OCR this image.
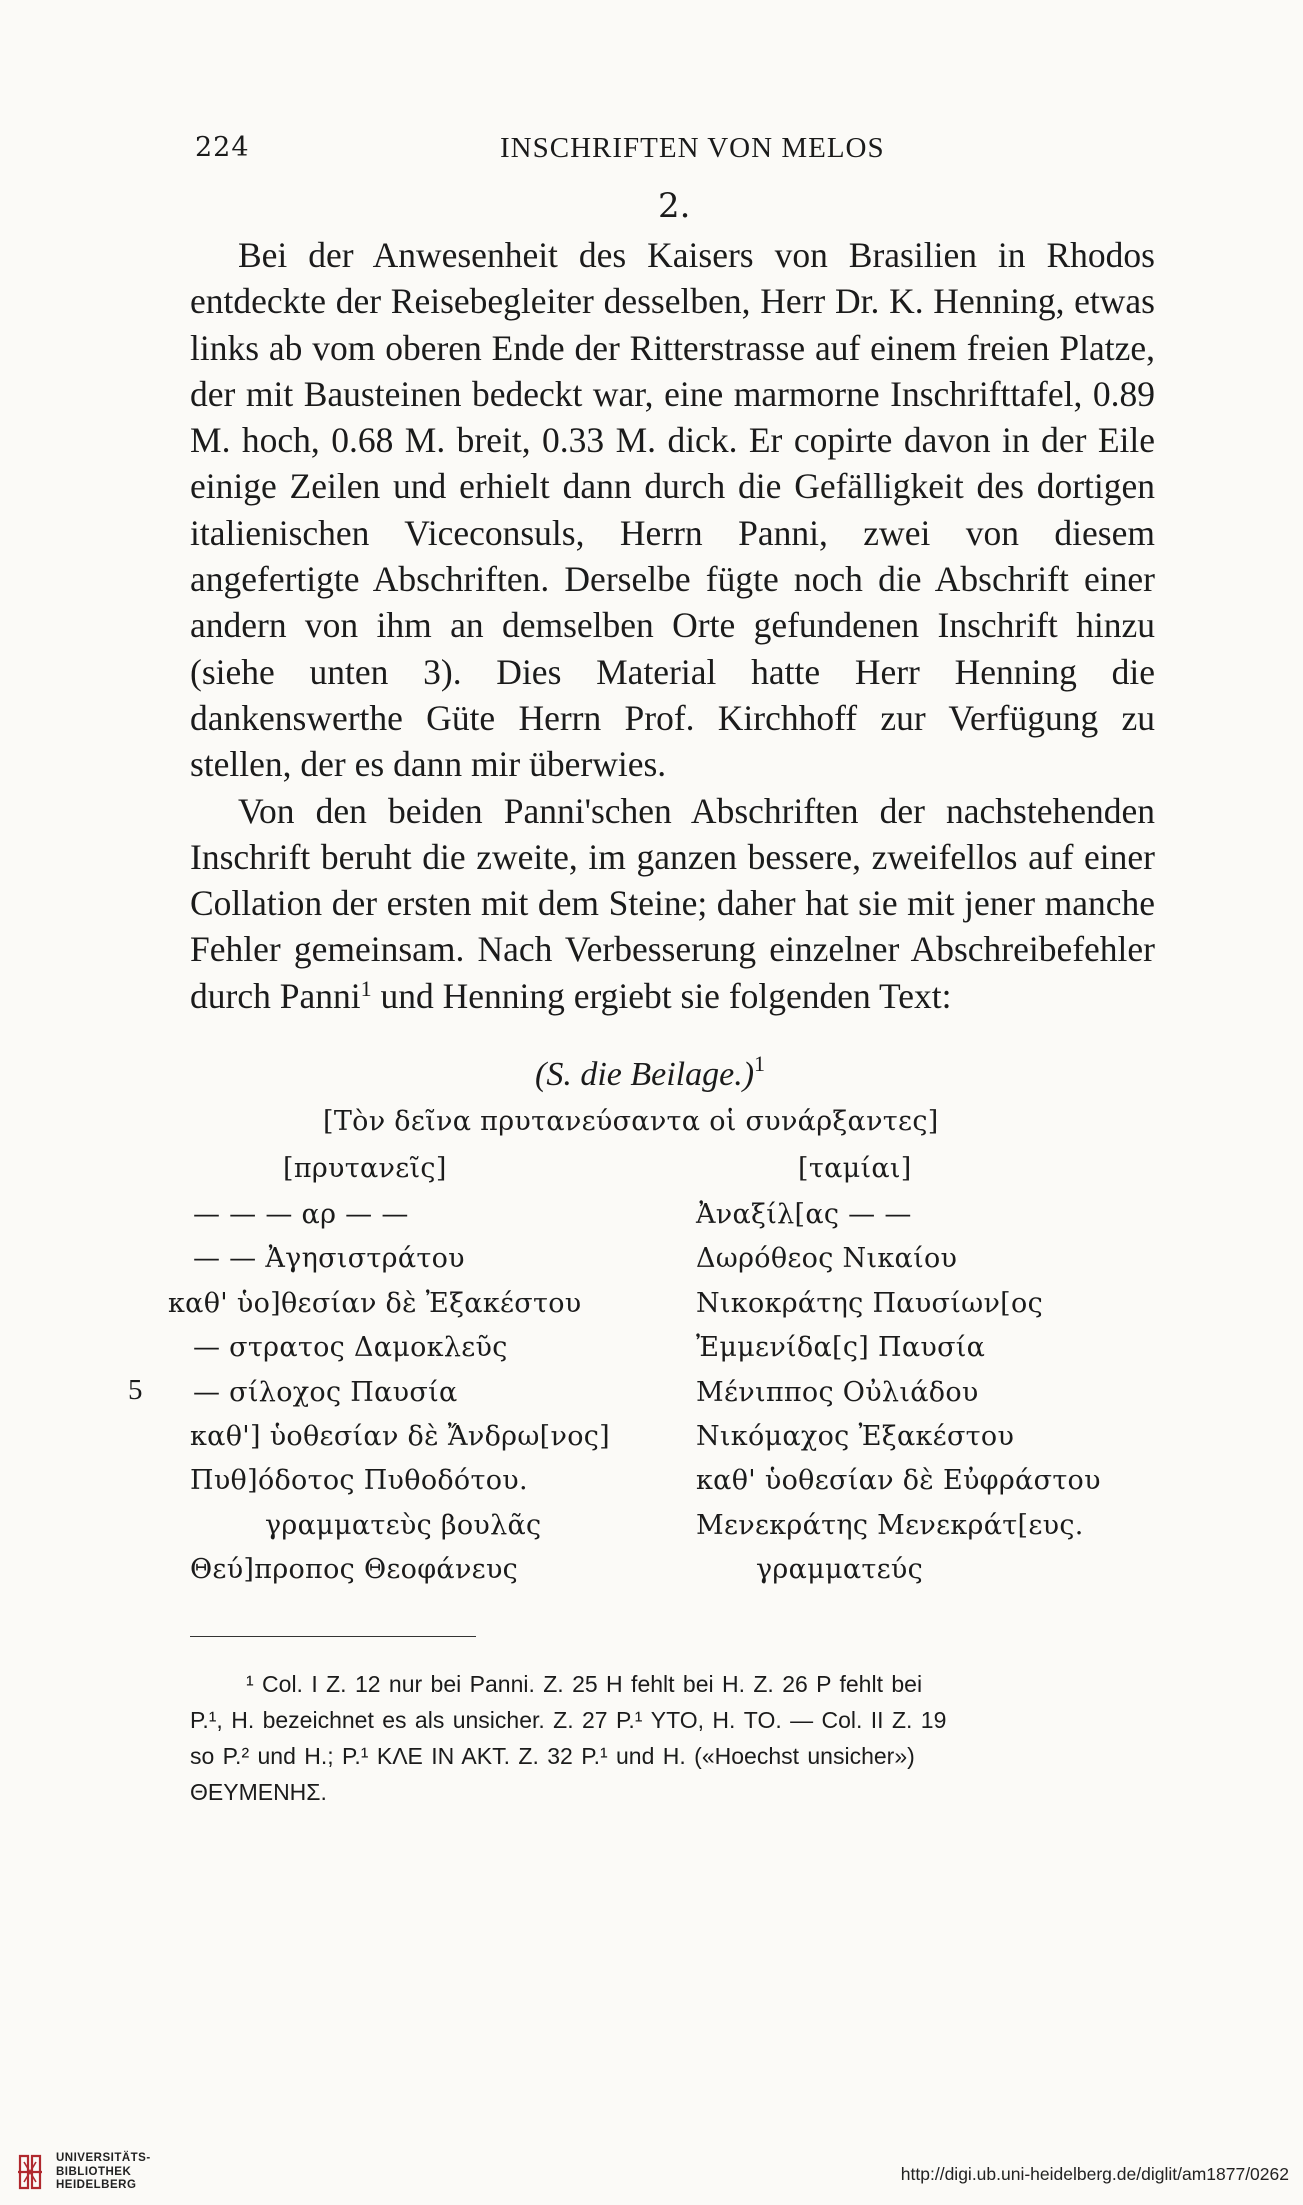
224	INSCHRIFTEN VON MELOS
2.

Bei der Anwesenheit des Kaisers von Brasilien in Rhodos entdeckte der Reisebegleiter desselben, Herr Dr. K. Henning, etwas links ab vom oberen Ende der Ritterstrasse auf einem freien Platze, der mit Bausteinen bedeckt war, eine marmorne Inschrifttafel, 0.89 M. hoch, 0.68 M. breit, 0.33 M. dick. Er copirte davon in der Eile einige Zeilen und erhielt dann durch die Gefälligkeit des dortigen italienischen Viceconsuls, Herrn Panni, zwei von diesem angefertigte Abschriften. Derselbe fügte noch die Abschrift einer andern von ihm an demselben Orte gefundenen Inschrift hinzu (siehe unten 3). Dies Material hatte Herr Henning die dankenswerthe Güte Herrn Prof. Kirchhoff zur Verfügung zu stellen, der es dann mir überwies.

Von den beiden Panni'schen Abschriften der nachstehenden Inschrift beruht die zweite, im ganzen bessere, zweifellos auf einer Collation der ersten mit dem Steine; daher hat sie mit jener manche Fehler gemeinsam. Nach Verbesserung einzelner Abschreibefehler durch Panni$^1$ und Henning ergiebt sie folgenden Text:

(S. die Beilage.)$^1$
[Τὸν δεῖνα πρυτανεύσαντα οἱ συνάρξαντες]
[πρυτανεῖς]	[ταμίαι]
— — — αρ — —
— — Ἀγησιστράτου
καθ' ὑο]θεσίαν δὲ Ἐξακέστου
— στρατος Δαμοκλεῦς
— σίλοχος Παυσία
καθ'] ὑοθεσίαν δὲ Ἄνδρω[νος]
Πυθ]όδοτος Πυθοδότου.
γραμματεὺς βουλᾶς
Θεύ]προπος Θεοφάνευς
Ἀναξίλ[ας — —
Δωρόθεος Νικαίου
Νικοκράτης Παυσίων[ος
Ἐμμενίδα[ς] Παυσία
Μένιππος Οὐλιάδου
Νικόμαχος Ἐξακέστου
καθ' ὑοθεσίαν δὲ Εὐφράστου
Μενεκράτης Μενεκράτ[ευς.
γραμματεύς
5

¹ Col. I Z. 12 nur bei Panni. Z. 25 H fehlt bei H. Z. 26 P fehlt bei

P.¹, H. bezeichnet es als unsicher. Z. 27 P.¹ ΥΤΟ, H. ΤΟ. — Col. II Z. 19

so P.² und H.; P.¹ ΚΛΕ ΙΝ ΑΚΤ. Z. 32 P.¹ und H. («Hoechst unsicher»)

ΘΕΥΜΕΝΗΣ.

UNIVERSITÄTS-
BIBLIOTHEK
HEIDELBERG
http://digi.ub.uni-heidelberg.de/diglit/am1877/0262
